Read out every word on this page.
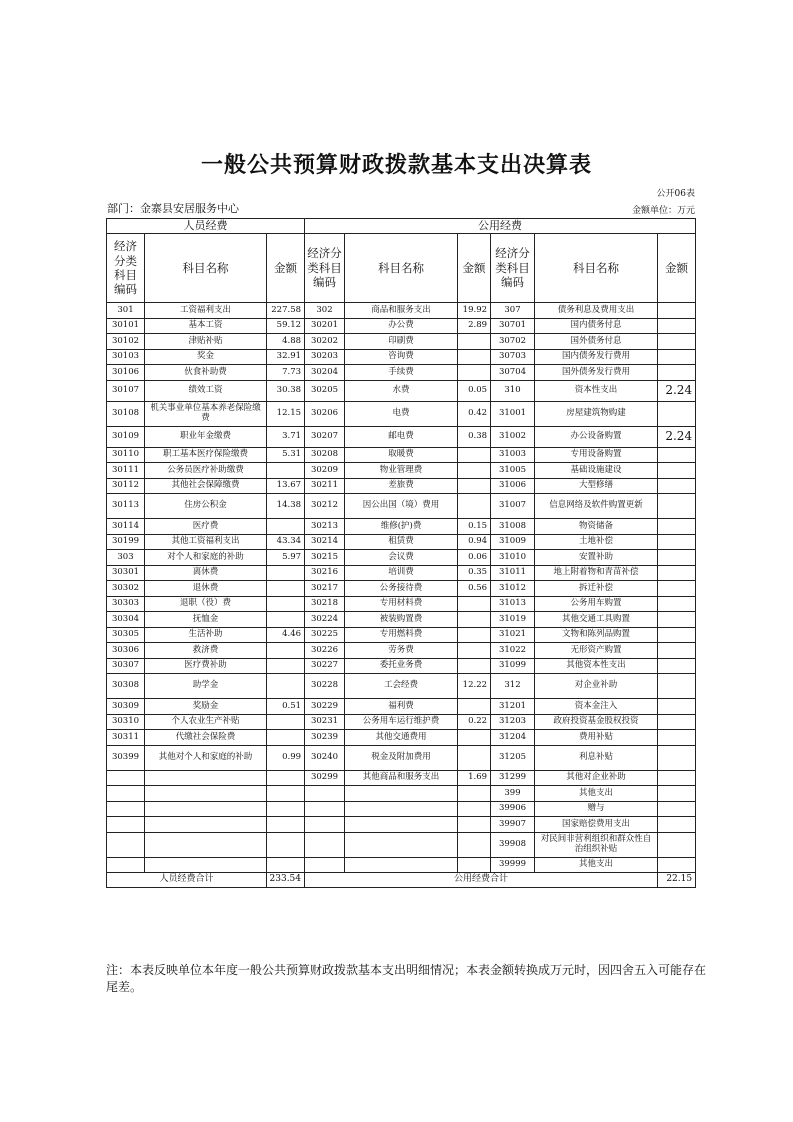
一般公共预算财政拨款基本支出决算表
公开06表
部门：金寨县安居服务中心	金额单位：万元
人员经费			公用经费					
经济分类科目编码	科目名称	金额	经济分类科目编码	科目名称	金额	经济分类科目编码	科目名称	金额
301	工资福利支出	227.58	302	商品和服务支出	19.92	307	债务利息及费用支出	
30101	基本工资	59.12	30201	办公费	2.89	30701	国内债务付息	
30102	津贴补贴	4.88	30202	印刷费		30702	国外债务付息	
30103	奖金	32.91	30203	咨询费		30703	国内债务发行费用	
30106	伙食补助费	7.73	30204	手续费		30704	国外债务发行费用	
30107	绩效工资	30.38	30205	水费	0.05	310	资本性支出	2.24
30108	机关事业单位基本养老保险缴费	12.15	30206	电费	0.42	31001	房屋建筑物购建	
30109	职业年金缴费	3.71	30207	邮电费	0.38	31002	办公设备购置	2.24
30110	职工基本医疗保险缴费	5.31	30208	取暖费		31003	专用设备购置	
30111	公务员医疗补助缴费		30209	物业管理费		31005	基础设施建设	
30112	其他社会保障缴费	13.67	30211	差旅费		31006	大型修缮	
30113	住房公积金	14.38	30212	因公出国（境）费用		31007	信息网络及软件购置更新	
30114	医疗费		30213	维修(护)费	0.15	31008	物资储备	
30199	其他工资福利支出	43.34	30214	租赁费	0.94	31009	土地补偿	
303	对个人和家庭的补助	5.97	30215	会议费	0.06	31010	安置补助	
30301	离休费		30216	培训费	0.35	31011	地上附着物和青苗补偿	
30302	退休费		30217	公务接待费	0.56	31012	拆迁补偿	
30303	退职（役）费		30218	专用材料费		31013	公务用车购置	
30304	抚恤金		30224	被装购置费		31019	其他交通工具购置	
30305	生活补助	4.46	30225	专用燃料费		31021	文物和陈列品购置	
30306	救济费		30226	劳务费		31022	无形资产购置	
30307	医疗费补助		30227	委托业务费		31099	其他资本性支出	
30308	助学金		30228	工会经费	12.22	312	对企业补助	
30309	奖励金	0.51	30229	福利费		31201	资本金注入	
30310	个人农业生产补贴		30231	公务用车运行维护费	0.22	31203	政府投资基金股权投资	
30311	代缴社会保险费		30239	其他交通费用		31204	费用补贴	
30399	其他对个人和家庭的补助	0.99	30240	税金及附加费用		31205	利息补贴	
			30299	其他商品和服务支出	1.69	31299	其他对企业补助	
						399	其他支出	
						39906	赠与	
						39907	国家赔偿费用支出	
						39908	对民间非营利组织和群众性自治组织补贴	
						39999	其他支出	
人员经费合计		233.54	公用经费合计					22.15
注：本表反映单位本年度一般公共预算财政拨款基本支出明细情况；本表金额转换成万元时，因四舍五入可能存在尾差。
